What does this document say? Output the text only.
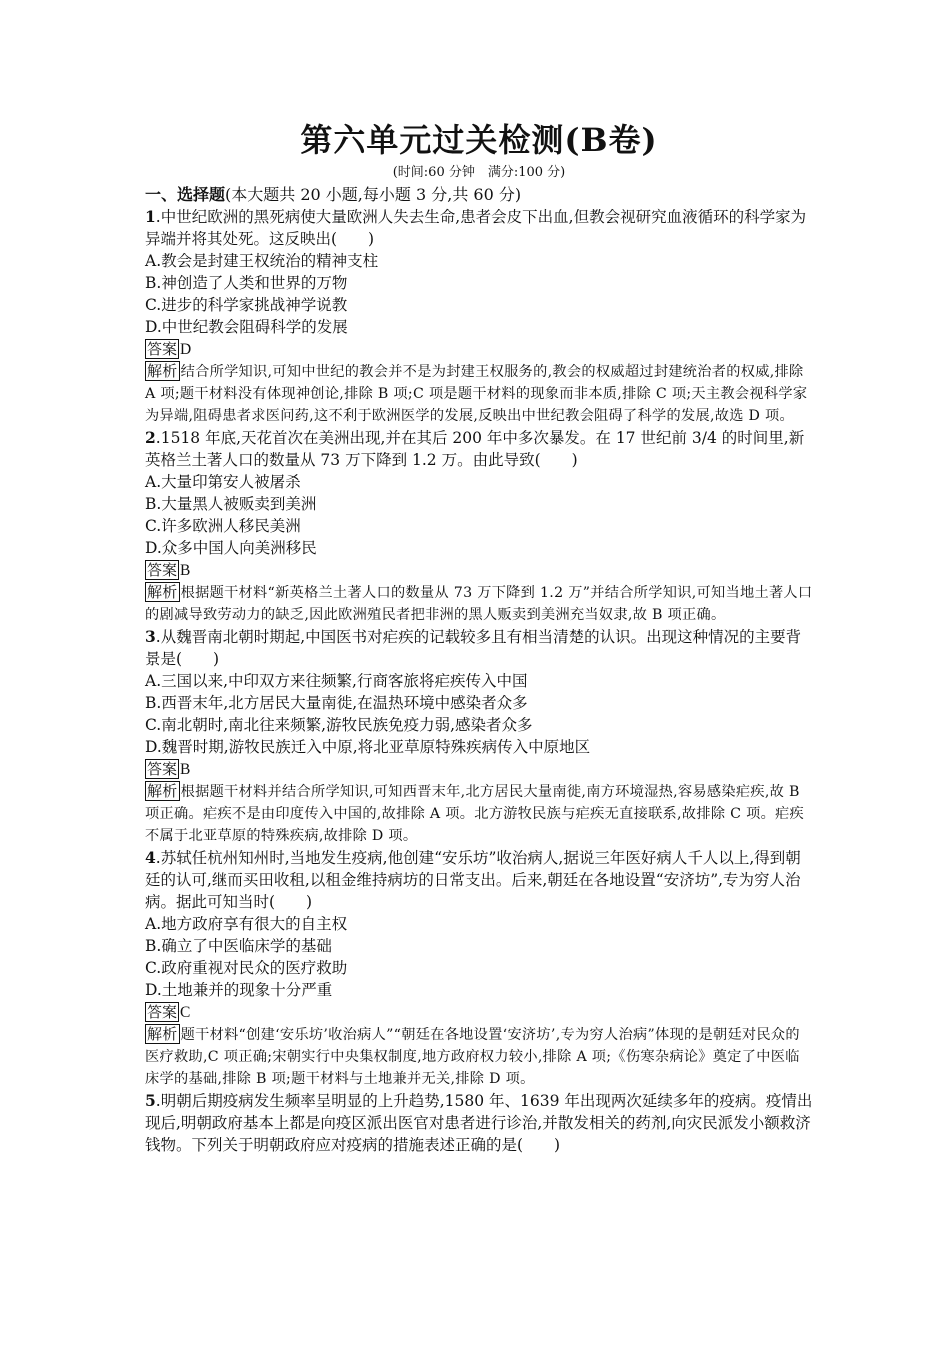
第六单元过关检测(B卷)
(时间:60 分钟　满分:100 分)
一、选择题(本大题共 20 小题,每小题 3 分,共 60 分)

1.中世纪欧洲的黑死病使大量欧洲人失去生命,患者会皮下出血,但教会视研究血液循环的科学家为异端并将其处死。这反映出(　　)

A.教会是封建王权统治的精神支柱

B.神创造了人类和世界的万物

C.进步的科学家挑战神学说教

D.中世纪教会阻碍科学的发展

答案 D

解析 结合所学知识,可知中世纪的教会并不是为封建王权服务的,教会的权威超过封建统治者的权威,排除 A 项;题干材料没有体现神创论,排除 B 项;C 项是题干材料的现象而非本质,排除 C 项;天主教会视科学家为异端,阻碍患者求医问药,这不利于欧洲医学的发展,反映出中世纪教会阻碍了科学的发展,故选 D 项。

2.1518 年底,天花首次在美洲出现,并在其后 200 年中多次暴发。在 17 世纪前 3/4 的时间里,新英格兰土著人口的数量从 73 万下降到 1.2 万。由此导致(　　)

A.大量印第安人被屠杀

B.大量黑人被贩卖到美洲

C.许多欧洲人移民美洲

D.众多中国人向美洲移民

答案 B

解析 根据题干材料“新英格兰土著人口的数量从 73 万下降到 1.2 万”并结合所学知识,可知当地土著人口的剧减导致劳动力的缺乏,因此欧洲殖民者把非洲的黑人贩卖到美洲充当奴隶,故 B 项正确。

3.从魏晋南北朝时期起,中国医书对疟疾的记载较多且有相当清楚的认识。出现这种情况的主要背景是(　　)

A.三国以来,中印双方来往频繁,行商客旅将疟疾传入中国

B.西晋末年,北方居民大量南徙,在温热环境中感染者众多

C.南北朝时,南北往来频繁,游牧民族免疫力弱,感染者众多

D.魏晋时期,游牧民族迁入中原,将北亚草原特殊疾病传入中原地区

答案 B

解析 根据题干材料并结合所学知识,可知西晋末年,北方居民大量南徙,南方环境湿热,容易感染疟疾,故 B 项正确。疟疾不是由印度传入中国的,故排除 A 项。北方游牧民族与疟疾无直接联系,故排除 C 项。疟疾不属于北亚草原的特殊疾病,故排除 D 项。

4.苏轼任杭州知州时,当地发生疫病,他创建“安乐坊”收治病人,据说三年医好病人千人以上,得到朝廷的认可,继而买田收租,以租金维持病坊的日常支出。后来,朝廷在各地设置“安济坊”,专为穷人治病。据此可知当时(　　)

A.地方政府享有很大的自主权

B.确立了中医临床学的基础

C.政府重视对民众的医疗救助

D.土地兼并的现象十分严重

答案 C

解析 题干材料“创建‘安乐坊’收治病人”“朝廷在各地设置‘安济坊’,专为穷人治病”体现的是朝廷对民众的医疗救助,C 项正确;宋朝实行中央集权制度,地方政府权力较小,排除 A 项;《伤寒杂病论》奠定了中医临床学的基础,排除 B 项;题干材料与土地兼并无关,排除 D 项。

5.明朝后期疫病发生频率呈明显的上升趋势,1580 年、1639 年出现两次延续多年的疫病。疫情出现后,明朝政府基本上都是向疫区派出医官对患者进行诊治,并散发相关的药剂,向灾民派发小额救济钱物。下列关于明朝政府应对疫病的措施表述正确的是(　　)
